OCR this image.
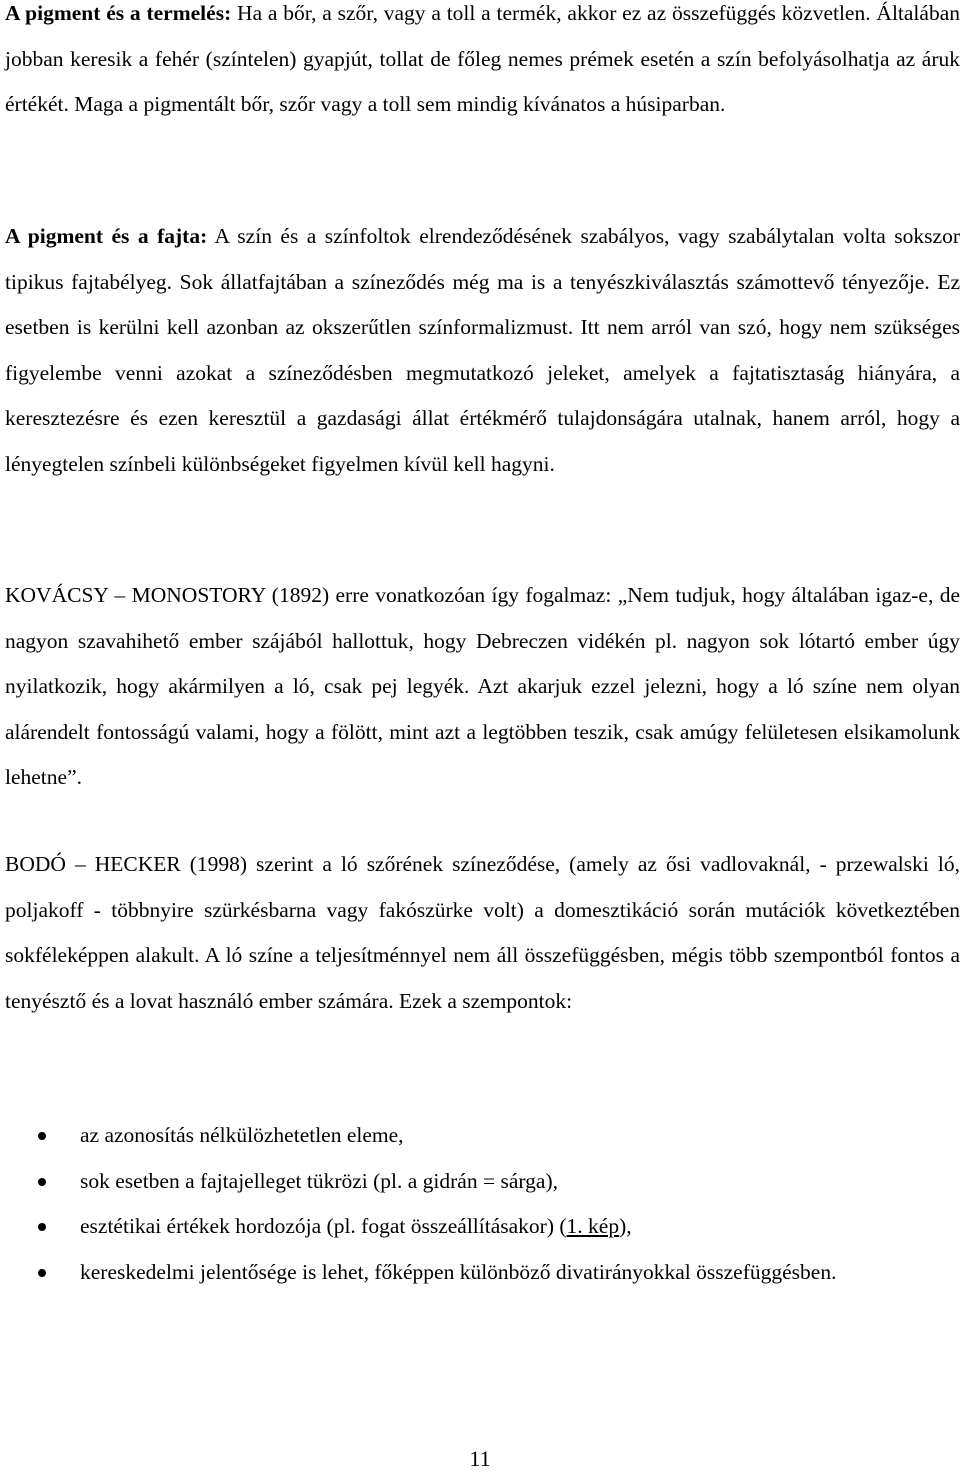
A pigment és a termelés: Ha a bőr, a szőr, vagy a toll a termék, akkor ez az összefüggés közvetlen. Általában jobban keresik a fehér (színtelen) gyapjút, tollat de főleg nemes prémek esetén a szín befolyásolhatja az áruk értékét. Maga a pigmentált bőr, szőr vagy a toll sem mindig kívánatos a húsiparban.

A pigment és a fajta: A szín és a színfoltok elrendeződésének szabályos, vagy szabálytalan volta sokszor tipikus fajtabélyeg. Sok állatfajtában a színeződés még ma is a tenyészkiválasztás számottevő tényezője. Ez esetben is kerülni kell azonban az okszerűtlen színformalizmust. Itt nem arról van szó, hogy nem szükséges figyelembe venni azokat a színeződésben megmutatkozó jeleket, amelyek a fajtatisztaság hiányára, a keresztezésre és ezen keresztül a gazdasági állat értékmérő tulajdonságára utalnak, hanem arról, hogy a lényegtelen színbeli különbségeket figyelmen kívül kell hagyni.

KOVÁCSY – MONOSTORY (1892) erre vonatkozóan így fogalmaz: „Nem tudjuk, hogy általában igaz-e, de nagyon szavahihető ember szájából hallottuk, hogy Debreczen vidékén pl. nagyon sok lótartó ember úgy nyilatkozik, hogy akármilyen a ló, csak pej legyék. Azt akarjuk ezzel jelezni, hogy a ló színe nem olyan alárendelt fontosságú valami, hogy a fölött, mint azt a legtöbben teszik, csak amúgy felületesen elsikamolunk lehetne”.

BODÓ – HECKER (1998) szerint a ló szőrének színeződése, (amely az ősi vadlovaknál, - przewalski ló, poljakoff - többnyire szürkésbarna vagy fakószürke volt) a domesztikáció során mutációk következtében sokféleképpen alakult. A ló színe a teljesítménnyel nem áll összefüggésben, mégis több szempontból fontos a tenyésztő és a lovat használó ember számára. Ezek a szempontok:

az azonosítás nélkülözhetetlen eleme,
sok esetben a fajtajelleget tükrözi (pl. a gidrán = sárga),
esztétikai értékek hordozója (pl. fogat összeállításakor) (1. kép),
kereskedelmi jelentősége is lehet, főképpen különböző divatirányokkal összefüggésben.
11
